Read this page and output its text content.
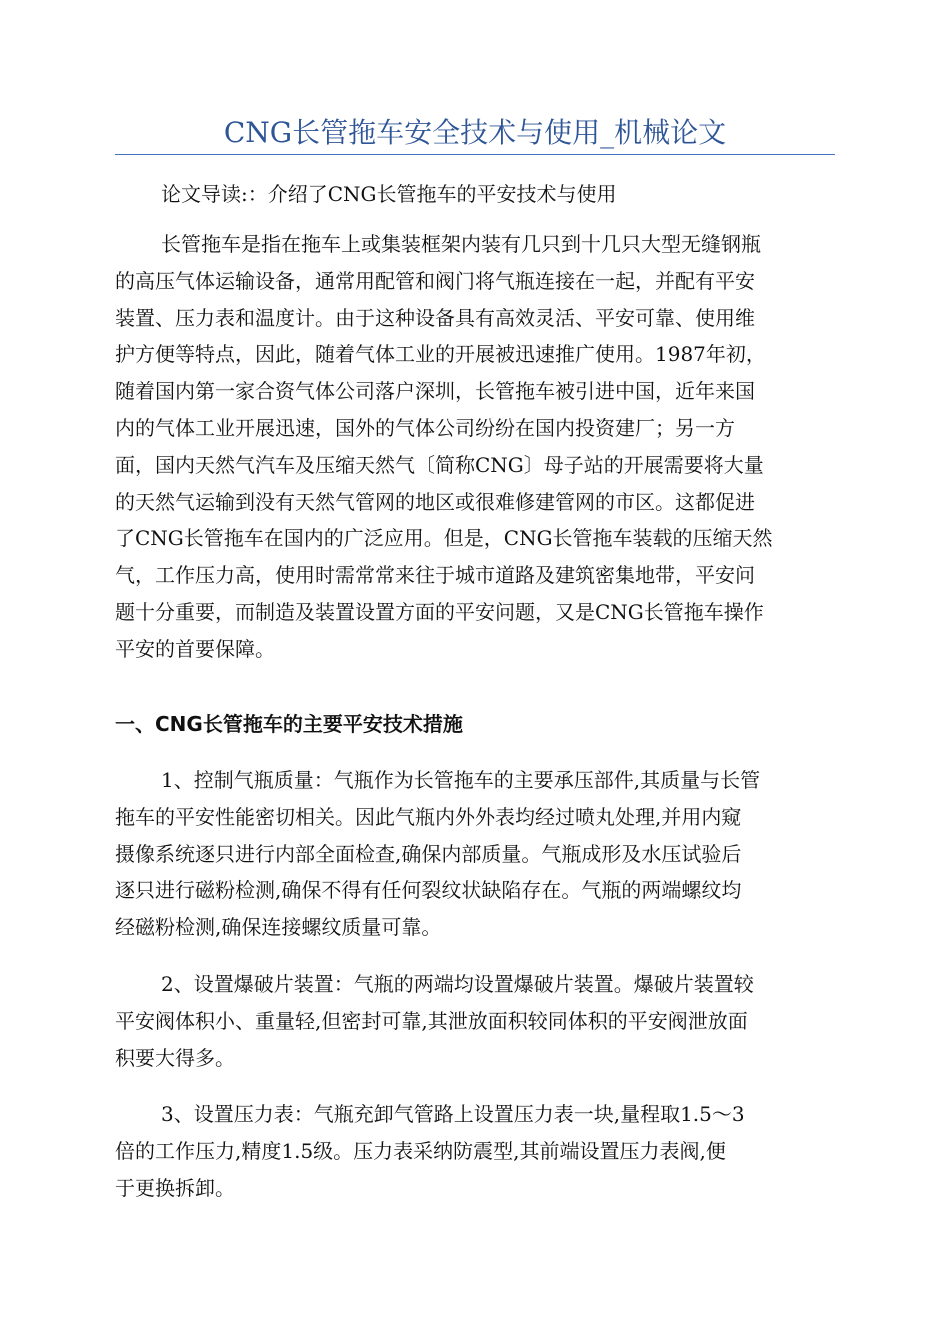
CNG长管拖车安全技术与使用_机械论文
论文导读:：介绍了CNG长管拖车的平安技术与使用
长管拖车是指在拖车上或集装框架内装有几只到十几只大型无缝钢瓶
的高压气体运输设备，通常用配管和阀门将气瓶连接在一起，并配有平安
装置、压力表和温度计。由于这种设备具有高效灵活、平安可靠、使用维
护方便等特点，因此，随着气体工业的开展被迅速推广使用。1987年初，
随着国内第一家合资气体公司落户深圳，长管拖车被引进中国，近年来国
内的气体工业开展迅速，国外的气体公司纷纷在国内投资建厂；另一方
面，国内天然气汽车及压缩天然气〔简称CNG〕母子站的开展需要将大量
的天然气运输到没有天然气管网的地区或很难修建管网的市区。这都促进
了CNG长管拖车在国内的广泛应用。但是，CNG长管拖车装载的压缩天然
气，工作压力高，使用时需常常来往于城市道路及建筑密集地带，平安问
题十分重要，而制造及装置设置方面的平安问题，又是CNG长管拖车操作
平安的首要保障。
一、CNG长管拖车的主要平安技术措施
1、控制气瓶质量：气瓶作为长管拖车的主要承压部件,其质量与长管
拖车的平安性能密切相关。因此气瓶内外外表均经过喷丸处理,并用内窥
摄像系统逐只进行内部全面检查,确保内部质量。气瓶成形及水压试验后
逐只进行磁粉检测,确保不得有任何裂纹状缺陷存在。气瓶的两端螺纹均
经磁粉检测,确保连接螺纹质量可靠。
2、设置爆破片装置：气瓶的两端均设置爆破片装置。爆破片装置较
平安阀体积小、重量轻,但密封可靠,其泄放面积较同体积的平安阀泄放面
积要大得多。
3、设置压力表：气瓶充卸气管路上设置压力表一块,量程取1.5～3
倍的工作压力,精度1.5级。压力表采纳防震型,其前端设置压力表阀,便
于更换拆卸。
